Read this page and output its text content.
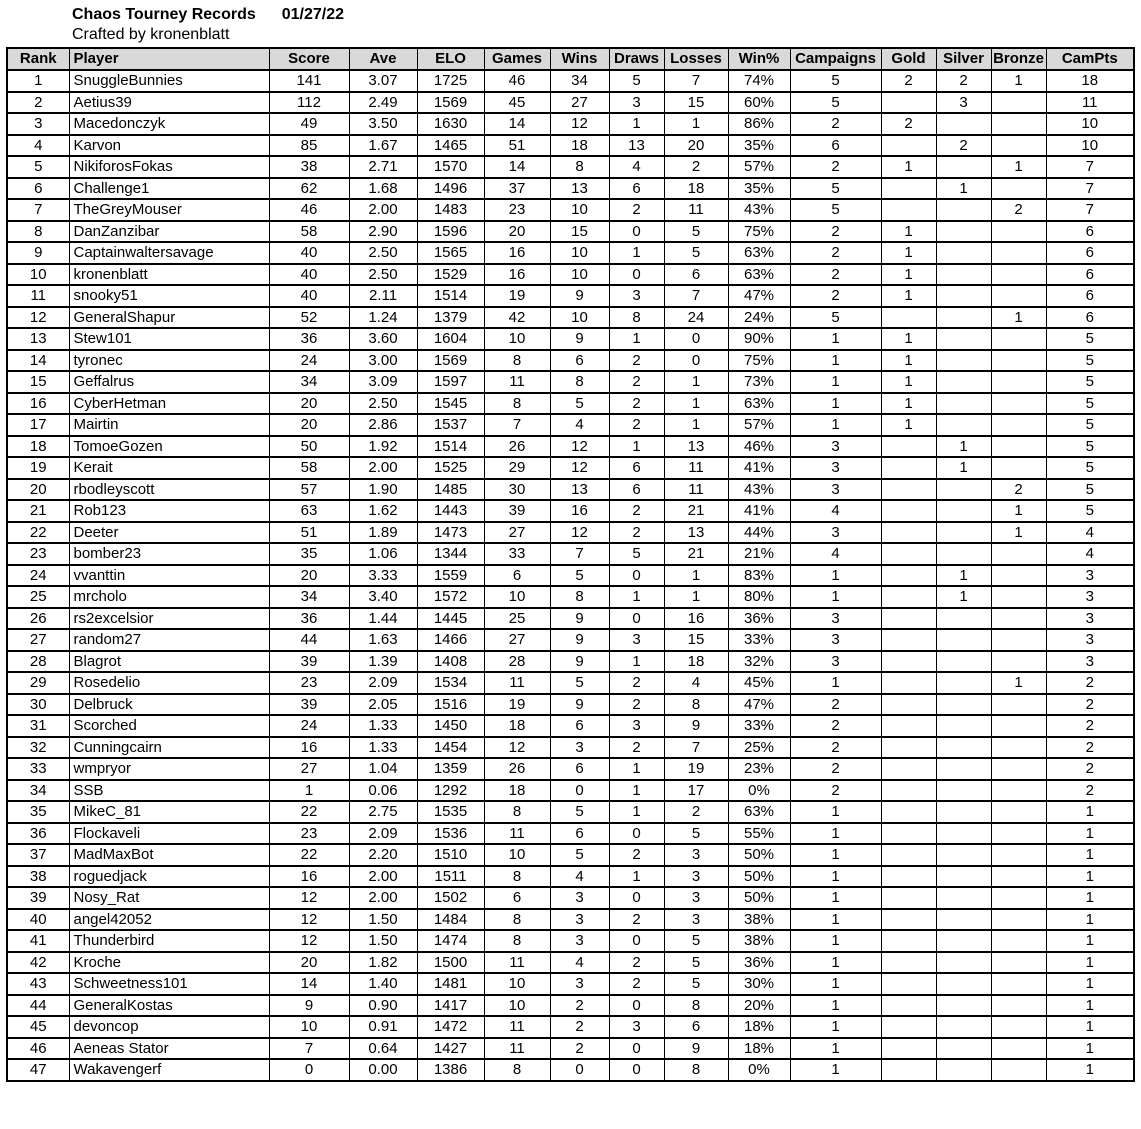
Chaos Tourney Records 01/27/22
Crafted by kronenblatt
Rank	Player	Score	Ave	ELO	Games	Wins	Draws	Losses	Win%	Campaigns	Gold	Silver	Bronze	CamPts
1	SnuggleBunnies	141	3.07	1725	46	34	5	7	74%	5	2	2	1	18
2	Aetius39	112	2.49	1569	45	27	3	15	60%	5		3		11
3	Macedonczyk	49	3.50	1630	14	12	1	1	86%	2	2			10
4	Karvon	85	1.67	1465	51	18	13	20	35%	6		2		10
5	NikiforosFokas	38	2.71	1570	14	8	4	2	57%	2	1		1	7
6	Challenge1	62	1.68	1496	37	13	6	18	35%	5		1		7
7	TheGreyMouser	46	2.00	1483	23	10	2	11	43%	5			2	7
8	DanZanzibar	58	2.90	1596	20	15	0	5	75%	2	1			6
9	Captainwaltersavage	40	2.50	1565	16	10	1	5	63%	2	1			6
10	kronenblatt	40	2.50	1529	16	10	0	6	63%	2	1			6
11	snooky51	40	2.11	1514	19	9	3	7	47%	2	1			6
12	GeneralShapur	52	1.24	1379	42	10	8	24	24%	5			1	6
13	Stew101	36	3.60	1604	10	9	1	0	90%	1	1			5
14	tyronec	24	3.00	1569	8	6	2	0	75%	1	1			5
15	Geffalrus	34	3.09	1597	11	8	2	1	73%	1	1			5
16	CyberHetman	20	2.50	1545	8	5	2	1	63%	1	1			5
17	Mairtin	20	2.86	1537	7	4	2	1	57%	1	1			5
18	TomoeGozen	50	1.92	1514	26	12	1	13	46%	3		1		5
19	Kerait	58	2.00	1525	29	12	6	11	41%	3		1		5
20	rbodleyscott	57	1.90	1485	30	13	6	11	43%	3			2	5
21	Rob123	63	1.62	1443	39	16	2	21	41%	4			1	5
22	Deeter	51	1.89	1473	27	12	2	13	44%	3			1	4
23	bomber23	35	1.06	1344	33	7	5	21	21%	4				4
24	vvanttin	20	3.33	1559	6	5	0	1	83%	1		1		3
25	mrcholo	34	3.40	1572	10	8	1	1	80%	1		1		3
26	rs2excelsior	36	1.44	1445	25	9	0	16	36%	3				3
27	random27	44	1.63	1466	27	9	3	15	33%	3				3
28	Blagrot	39	1.39	1408	28	9	1	18	32%	3				3
29	Rosedelio	23	2.09	1534	11	5	2	4	45%	1			1	2
30	Delbruck	39	2.05	1516	19	9	2	8	47%	2				2
31	Scorched	24	1.33	1450	18	6	3	9	33%	2				2
32	Cunningcairn	16	1.33	1454	12	3	2	7	25%	2				2
33	wmpryor	27	1.04	1359	26	6	1	19	23%	2				2
34	SSB	1	0.06	1292	18	0	1	17	0%	2				2
35	MikeC_81	22	2.75	1535	8	5	1	2	63%	1				1
36	Flockaveli	23	2.09	1536	11	6	0	5	55%	1				1
37	MadMaxBot	22	2.20	1510	10	5	2	3	50%	1				1
38	roguedjack	16	2.00	1511	8	4	1	3	50%	1				1
39	Nosy_Rat	12	2.00	1502	6	3	0	3	50%	1				1
40	angel42052	12	1.50	1484	8	3	2	3	38%	1				1
41	Thunderbird	12	1.50	1474	8	3	0	5	38%	1				1
42	Kroche	20	1.82	1500	11	4	2	5	36%	1				1
43	Schweetness101	14	1.40	1481	10	3	2	5	30%	1				1
44	GeneralKostas	9	0.90	1417	10	2	0	8	20%	1				1
45	devoncop	10	0.91	1472	11	2	3	6	18%	1				1
46	Aeneas Stator	7	0.64	1427	11	2	0	9	18%	1				1
47	Wakavengerf	0	0.00	1386	8	0	0	8	0%	1				1
